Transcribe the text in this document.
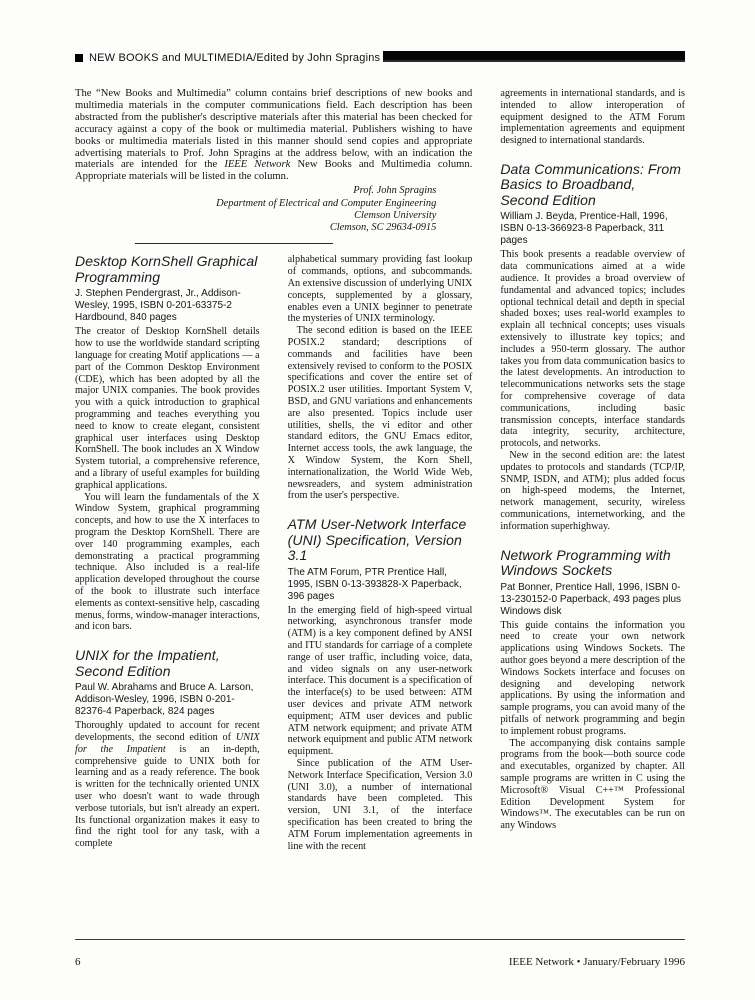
NEW BOOKS and MULTIMEDIA/Edited by John Spragins

The “New Books and Multimedia” column contains brief descriptions of new books and multimedia materials in the computer communications field. Each description has been abstracted from the publisher's descriptive materials after this material has been checked for accuracy against a copy of the book or multimedia material. Publishers wishing to have books or multimedia materials listed in this manner should send copies and appropriate advertising materials to Prof. John Spragins at the address below, with an indication the materials are intended for the IEEE Network New Books and Multimedia column. Appropriate materials will be listed in the column.

Prof. John Spragins
Department of Electrical and Computer Engineering
Clemson University
Clemson, SC 29634-0915
Desktop KornShell Graphical Programming

J. Stephen Pendergrast, Jr., Addison-Wesley, 1995, ISBN 0-201-63375-2 Hardbound, 840 pages

The creator of Desktop KornShell details how to use the worldwide standard scripting language for creating Motif applications — a part of the Common Desktop Environment (CDE), which has been adopted by all the major UNIX companies. The book provides you with a quick introduction to graphical programming and teaches everything you need to know to create elegant, consistent graphical user interfaces using Desktop KornShell. The book includes an X Window System tutorial, a comprehensive reference, and a library of useful examples for building graphical applications.

You will learn the fundamentals of the X Window System, graphical programming concepts, and how to use the X interfaces to program the Desktop KornShell. There are over 140 programming examples, each demonstrating a practical programming technique. Also included is a real-life application developed throughout the course of the book to illustrate such interface elements as context-sensitive help, cascading menus, forms, window-manager interactions, and icon bars.

UNIX for the Impatient, Second Edition

Paul W. Abrahams and Bruce A. Larson, Addison-Wesley, 1996, ISBN 0-201-82376-4 Paperback, 824 pages

Thoroughly updated to account for recent developments, the second edition of UNIX for the Impatient is an in-depth, comprehensive guide to UNIX both for learning and as a ready reference. The book is written for the technically oriented UNIX user who doesn't want to wade through verbose tutorials, but isn't already an expert. Its functional organization makes it easy to find the right tool for any task, with a complete

alphabetical summary providing fast lookup of commands, options, and subcommands. An extensive discussion of underlying UNIX concepts, supplemented by a glossary, enables even a UNIX beginner to penetrate the mysteries of UNIX terminology.

The second edition is based on the IEEE POSIX.2 standard; descriptions of commands and facilities have been extensively revised to conform to the POSIX specifications and cover the entire set of POSIX.2 user utilities. Important System V, BSD, and GNU variations and enhancements are also presented. Topics include user utilities, shells, the vi editor and other standard editors, the GNU Emacs editor, Internet access tools, the awk language, the X Window System, the Korn Shell, internationalization, the World Wide Web, newsreaders, and system administration from the user's perspective.

ATM User-Network Interface (UNI) Specification, Version 3.1

The ATM Forum, PTR Prentice Hall, 1995, ISBN 0-13-393828-X Paperback, 396 pages

In the emerging field of high-speed virtual networking, asynchronous transfer mode (ATM) is a key component defined by ANSI and ITU standards for carriage of a complete range of user traffic, including voice, data, and video signals on any user-network interface. This document is a specification of the interface(s) to be used between: ATM user devices and private ATM network equipment; ATM user devices and public ATM network equipment; and private ATM network equipment and public ATM network equipment.

Since publication of the ATM User-Network Interface Specification, Version 3.0 (UNI 3.0), a number of international standards have been completed. This version, UNI 3.1, of the interface specification has been created to bring the ATM Forum implementation agreements in line with the recent

agreements in international standards, and is intended to allow interoperation of equipment designed to the ATM Forum implementation agreements and equipment designed to international standards.

Data Communications: From Basics to Broadband, Second Edition

William J. Beyda, Prentice-Hall, 1996, ISBN 0-13-366923-8 Paperback, 311 pages

This book presents a readable overview of data communications aimed at a wide audience. It provides a broad overview of fundamental and advanced topics; includes optional technical detail and depth in special shaded boxes; uses real-world examples to explain all technical concepts; uses visuals extensively to illustrate key topics; and includes a 950-term glossary. The author takes you from data communication basics to the latest developments. An introduction to telecommunications networks sets the stage for comprehensive coverage of data communications, including basic transmission concepts, interface standards data integrity, security, architecture, protocols, and networks.

New in the second edition are: the latest updates to protocols and standards (TCP/IP, SNMP, ISDN, and ATM); plus added focus on high-speed modems, the Internet, network management, security, wireless communications, internetworking, and the information superhighway.

Network Programming with Windows Sockets

Pat Bonner, Prentice Hall, 1996, ISBN 0-13-230152-0 Paperback, 493 pages plus Windows disk

This guide contains the information you need to create your own network applications using Windows Sockets. The author goes beyond a mere description of the Windows Sockets interface and focuses on designing and developing network applications. By using the information and sample programs, you can avoid many of the pitfalls of network programming and begin to implement robust programs.

The accompanying disk contains sample programs from the book—both source code and executables, organized by chapter. All sample programs are written in C using the Microsoft® Visual C++™ Professional Edition Development System for Windows™. The executables can be run on any Windows

6	IEEE Network • January/February 1996
